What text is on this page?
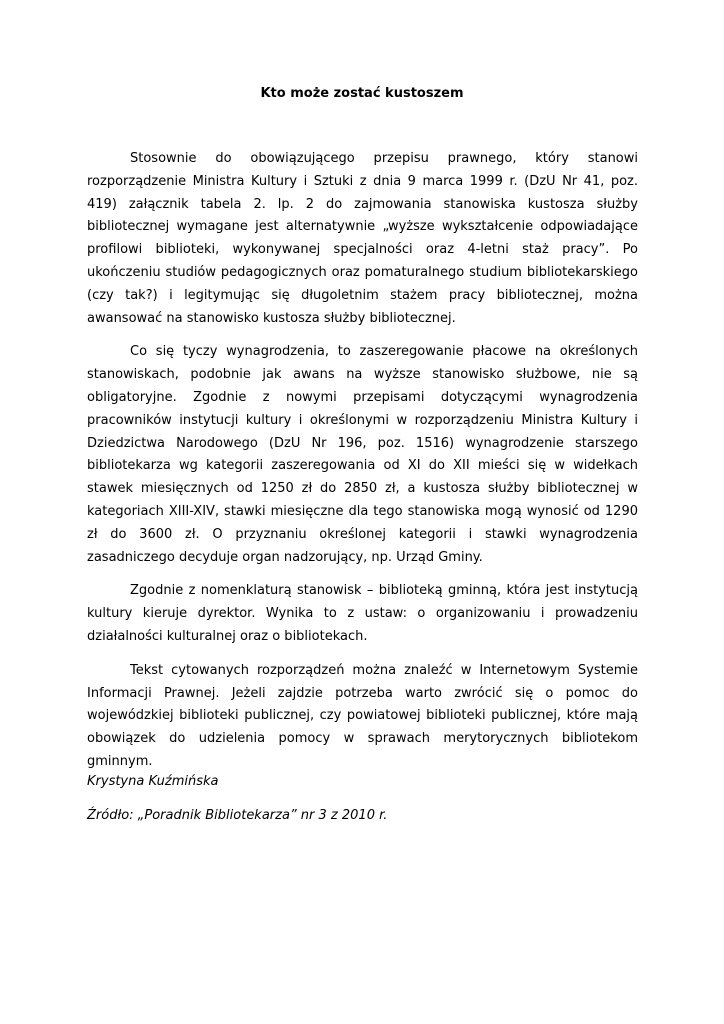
Kto może zostać kustoszem

Stosownie do obowiązującego przepisu prawnego, który stanowi rozporządzenie Ministra Kultury i Sztuki z dnia 9 marca 1999 r. (DzU Nr 41, poz. 419) załącznik tabela 2. lp. 2 do zajmowania stanowiska kustosza służby bibliotecznej wymagane jest alternatywnie „wyższe wykształcenie odpowiadające profilowi biblioteki, wykonywanej specjalności oraz 4-letni staż pracy”. Po ukończeniu studiów pedagogicznych oraz pomaturalnego studium bibliotekarskiego (czy tak?) i legitymując się długoletnim stażem pracy bibliotecznej, można awansować na stanowisko kustosza służby bibliotecznej.

Co się tyczy wynagrodzenia, to zaszeregowanie płacowe na określonych stanowiskach, podobnie jak awans na wyższe stanowisko służbowe, nie są obligatoryjne. Zgodnie z nowymi przepisami dotyczącymi wynagrodzenia pracowników instytucji kultury i określonymi w rozporządzeniu Ministra Kultury i Dziedzictwa Narodowego (DzU Nr 196, poz. 1516) wynagrodzenie starszego bibliotekarza wg kategorii zaszeregowania od XI do XII mieści się w widełkach stawek miesięcznych od 1250 zł do 2850 zł, a kustosza służby bibliotecznej w kategoriach XIII-XIV, stawki miesięczne dla tego stanowiska mogą wynosić od 1290 zł do 3600 zł. O przyznaniu określonej kategorii i stawki wynagrodzenia zasadniczego decyduje organ nadzorujący, np. Urząd Gminy.

Zgodnie z nomenklaturą stanowisk – biblioteką gminną, która jest instytucją kultury kieruje dyrektor. Wynika to z ustaw: o organizowaniu i prowadzeniu działalności kulturalnej oraz o bibliotekach.

Tekst cytowanych rozporządzeń można znaleźć w Internetowym Systemie Informacji Prawnej. Jeżeli zajdzie potrzeba warto zwrócić się o pomoc do wojewódzkiej biblioteki publicznej, czy powiatowej biblioteki publicznej, które mają obowiązek do udzielenia pomocy w sprawach merytorycznych bibliotekom gminnym.

Krystyna Kuźmińska
Źródło: „Poradnik Bibliotekarza” nr 3 z 2010 r.
